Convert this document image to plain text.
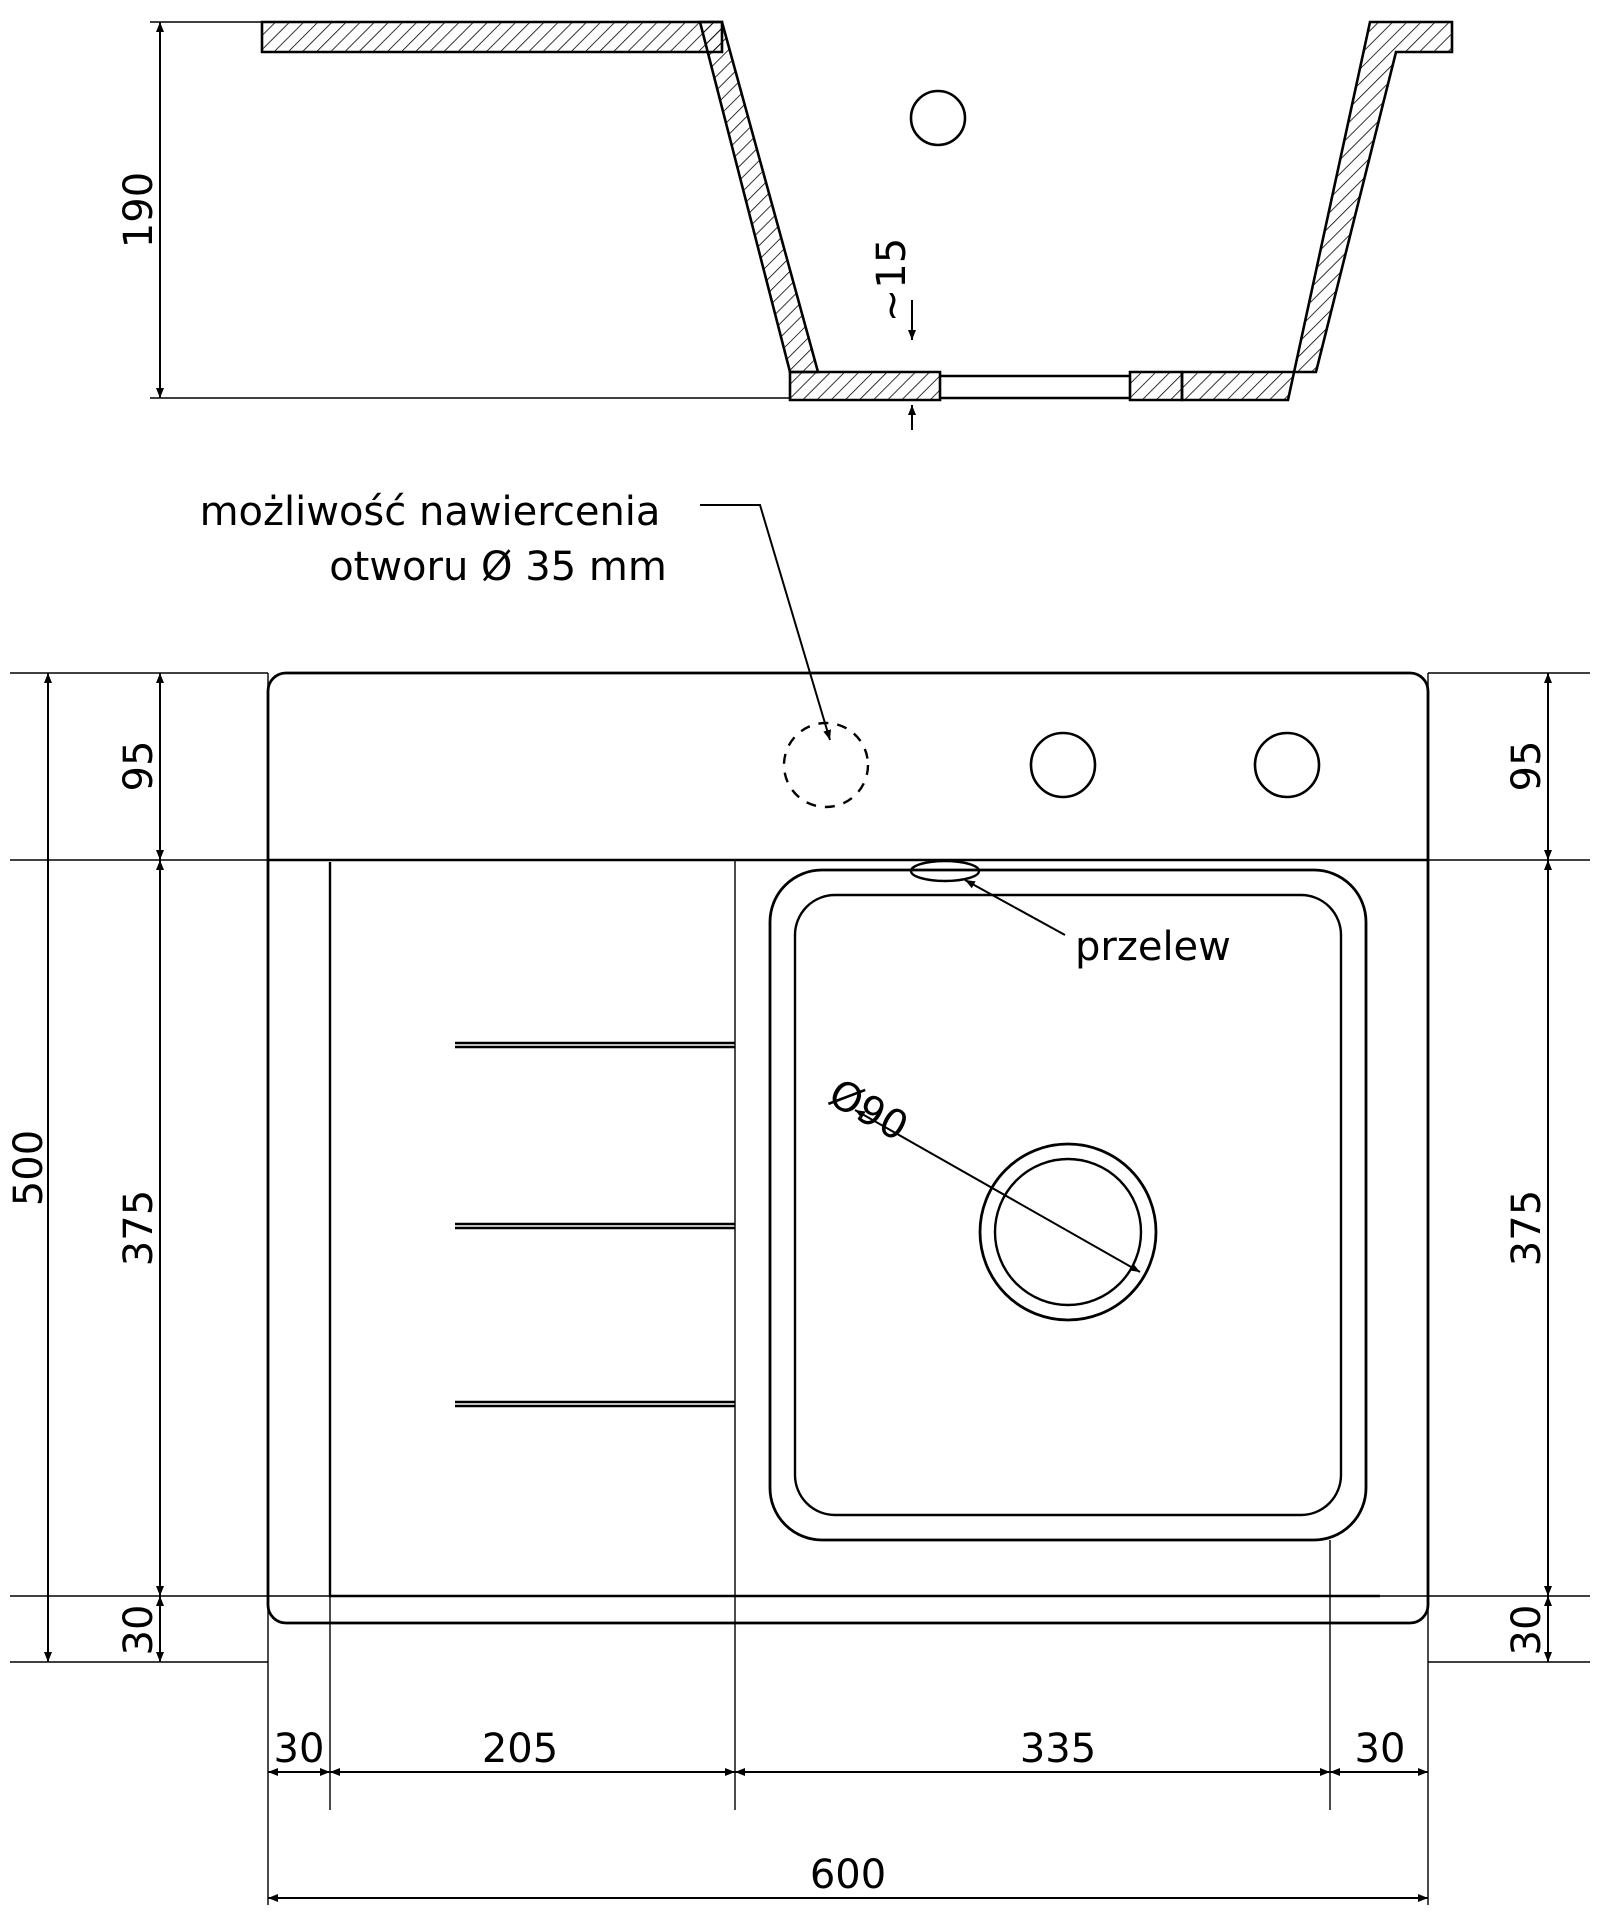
190
~15
możliwość nawiercenia
otworu Ø 35 mm
przelew
Ø90
95
500
375
30
95
375
30
30	205	335	30
600
